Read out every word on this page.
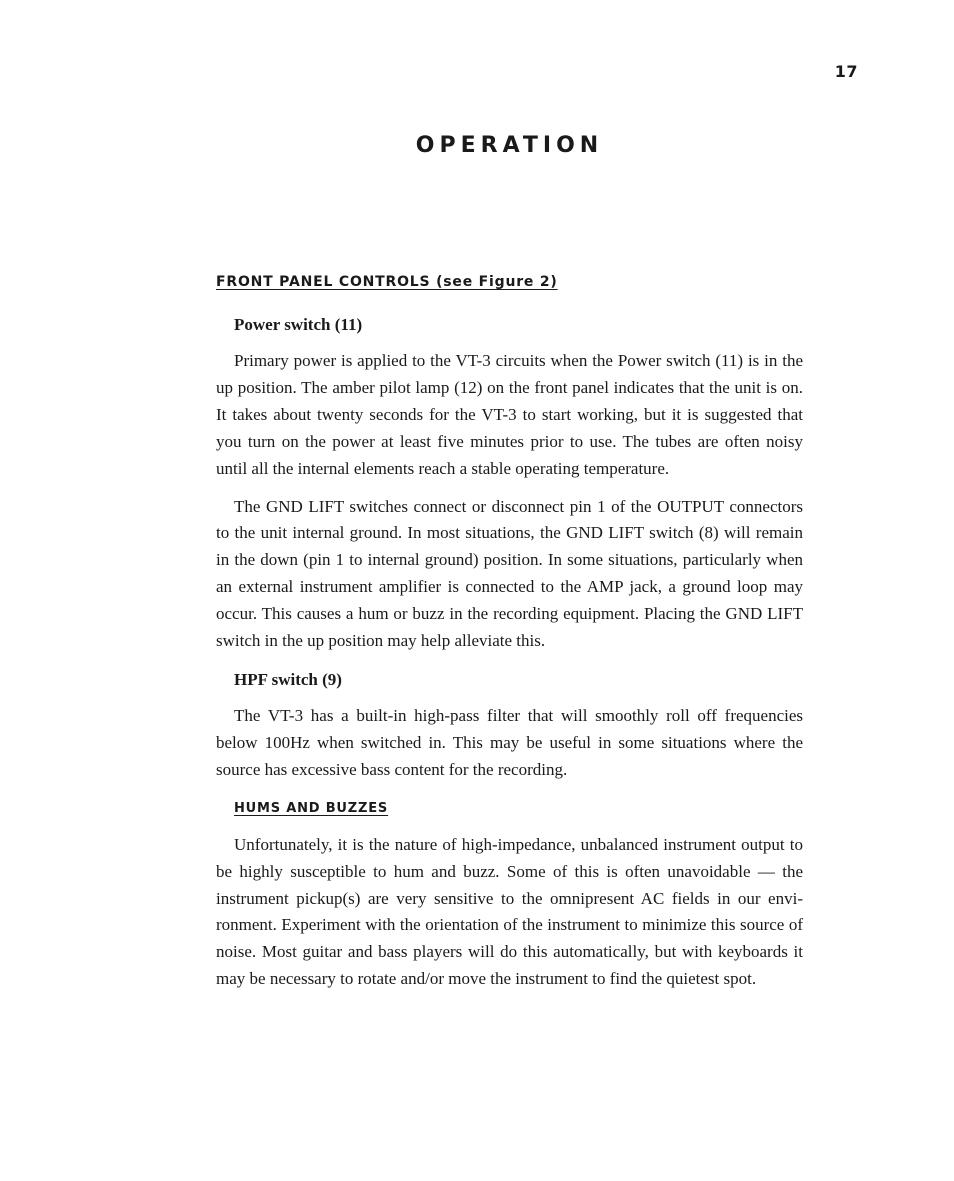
17
OPERATION
FRONT PANEL CONTROLS (see Figure 2)
Power switch (11)

Primary power is applied to the VT-3 circuits when the Power switch (11) is in the up position. The amber pilot lamp (12) on the front panel indicates that the unit is on. It takes about twenty seconds for the VT-3 to start working, but it is suggested that you turn on the power at least five minutes prior to use. The tubes are often noisy until all the internal elements reach a stable operating temperature.

The GND LIFT switches connect or disconnect pin 1 of the OUTPUT connectors to the unit internal ground. In most situations, the GND LIFT switch (8) will remain in the down (pin 1 to internal ground) position. In some situations, particularly when an external instrument amplifier is connected to the AMP jack, a ground loop may occur. This causes a hum or buzz in the recording equipment. Placing the GND LIFT switch in the up position may help alleviate this.

HPF switch (9)

The VT-3 has a built-in high-pass filter that will smoothly roll off frequencies below 100Hz when switched in. This may be useful in some situations where the source has excessive bass content for the recording.

HUMS AND BUZZES

Unfortunately, it is the nature of high-impedance, unbalanced instrument output to be highly susceptible to hum and buzz. Some of this is often unavoidable — the instrument pickup(s) are very sensitive to the omnipresent AC fields in our environment. Experiment with the orientation of the instrument to minimize this source of noise. Most guitar and bass players will do this automatically, but with keyboards it may be necessary to rotate and/or move the instrument to find the quietest spot.
